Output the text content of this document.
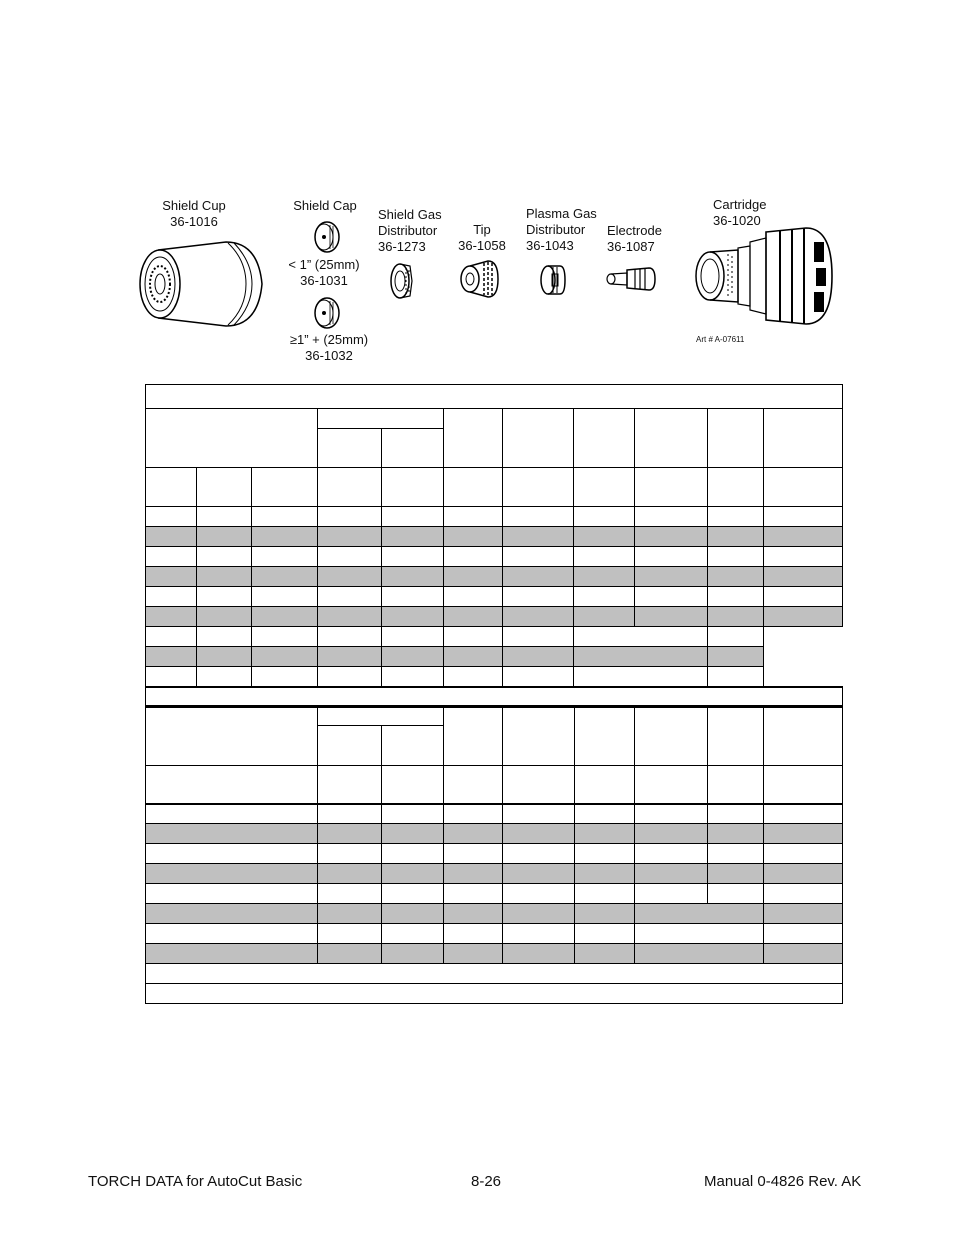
Shield Cup
36-1016
Shield Cap
< 1” (25mm)
36-1031
≥1” + (25mm)
36-1032
Shield Gas
Distributor
36-1273
Tip
36-1058
Plasma Gas
Distributor
36-1043
Electrode
36-1087
Cartridge
36-1020
Art # A-07611

TORCH DATA for AutoCut Basic	8-26	Manual 0-4826 Rev. AK
